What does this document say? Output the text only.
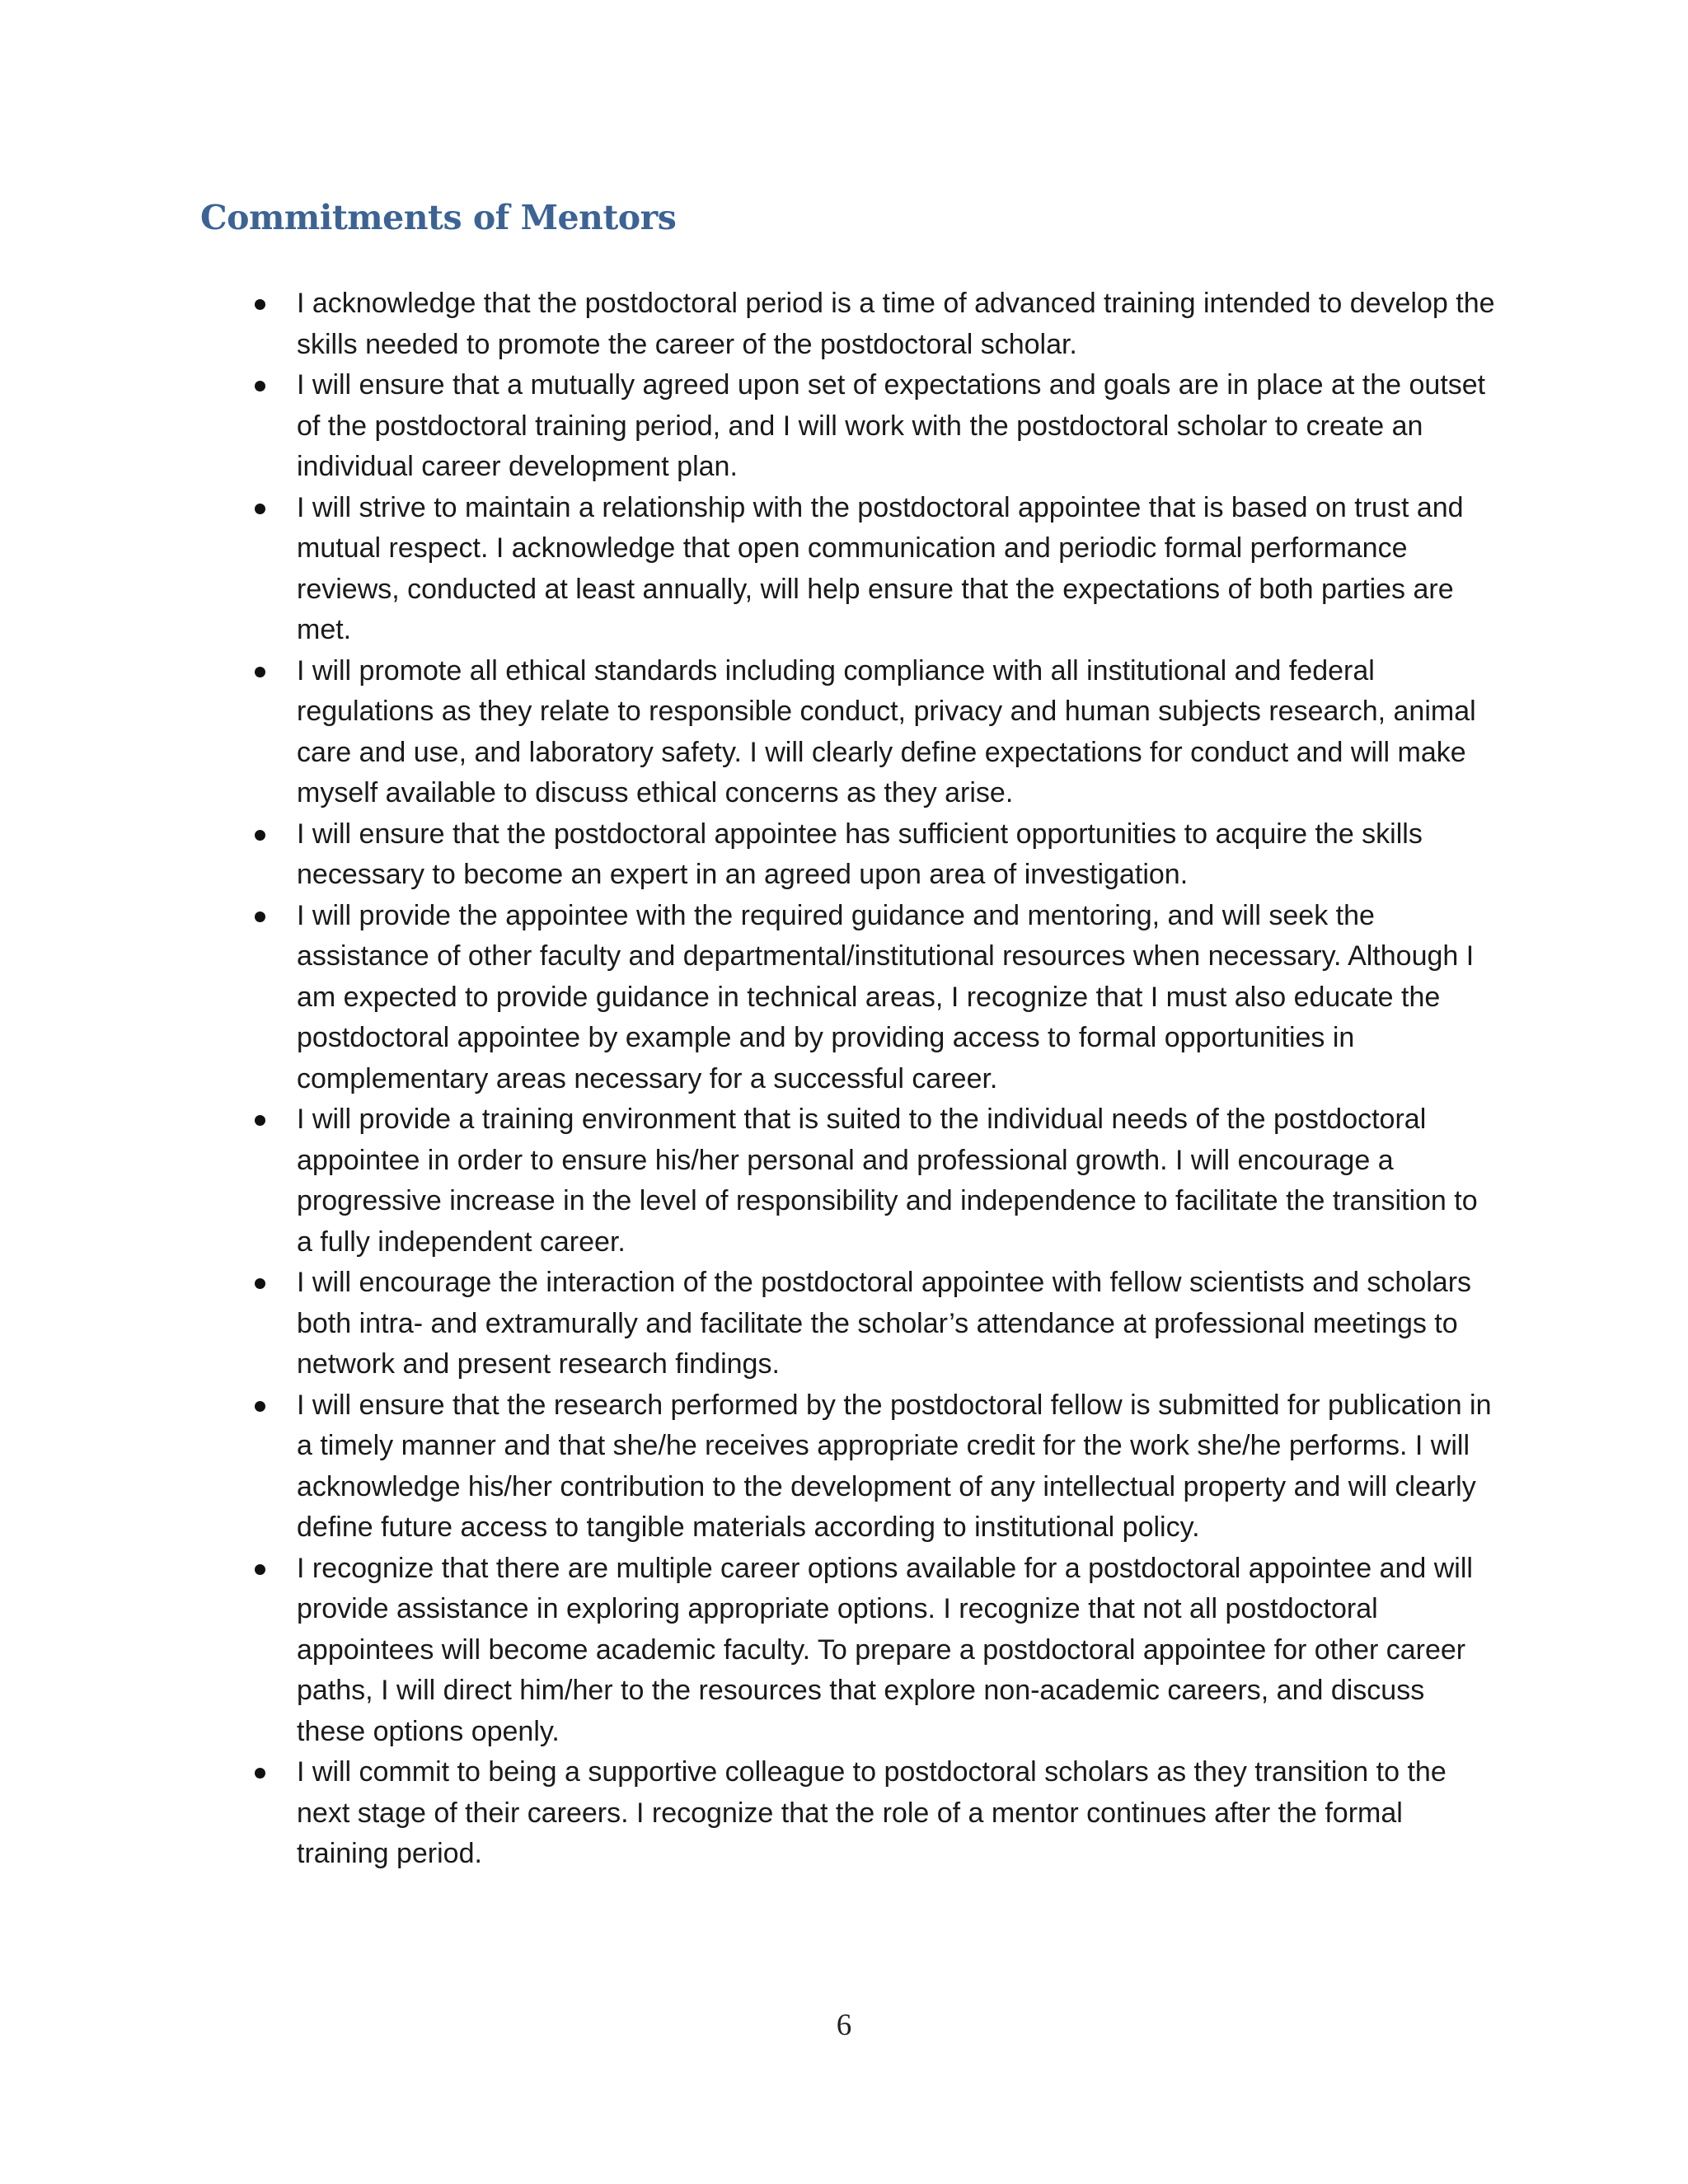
Commitments of Mentors
I acknowledge that the postdoctoral period is a time of advanced training intended to develop the skills needed to promote the career of the postdoctoral scholar.
I will ensure that a mutually agreed upon set of expectations and goals are in place at the outset of the postdoctoral training period, and I will work with the postdoctoral scholar to create an individual career development plan.
I will strive to maintain a relationship with the postdoctoral appointee that is based on trust and mutual respect. I acknowledge that open communication and periodic formal performance reviews, conducted at least annually, will help ensure that the expectations of both parties are met.
I will promote all ethical standards including compliance with all institutional and federal regulations as they relate to responsible conduct, privacy and human subjects research, animal care and use, and laboratory safety. I will clearly define expectations for conduct and will make myself available to discuss ethical concerns as they arise.
I will ensure that the postdoctoral appointee has sufficient opportunities to acquire the skills necessary to become an expert in an agreed upon area of investigation.
I will provide the appointee with the required guidance and mentoring, and will seek the assistance of other faculty and departmental/institutional resources when necessary. Although I am expected to provide guidance in technical areas, I recognize that I must also educate the postdoctoral appointee by example and by providing access to formal opportunities in complementary areas necessary for a successful career.
I will provide a training environment that is suited to the individual needs of the postdoctoral appointee in order to ensure his/her personal and professional growth. I will encourage a progressive increase in the level of responsibility and independence to facilitate the transition to a fully independent career.
I will encourage the interaction of the postdoctoral appointee with fellow scientists and scholars both intra- and extramurally and facilitate the scholar’s attendance at professional meetings to network and present research findings.
I will ensure that the research performed by the postdoctoral fellow is submitted for publication in a timely manner and that she/he receives appropriate credit for the work she/he performs. I will acknowledge his/her contribution to the development of any intellectual property and will clearly define future access to tangible materials according to institutional policy.
I recognize that there are multiple career options available for a postdoctoral appointee and will provide assistance in exploring appropriate options. I recognize that not all postdoctoral appointees will become academic faculty. To prepare a postdoctoral appointee for other career paths, I will direct him/her to the resources that explore non-academic careers, and discuss these options openly.
I will commit to being a supportive colleague to postdoctoral scholars as they transition to the next stage of their careers. I recognize that the role of a mentor continues after the formal training period.
6
